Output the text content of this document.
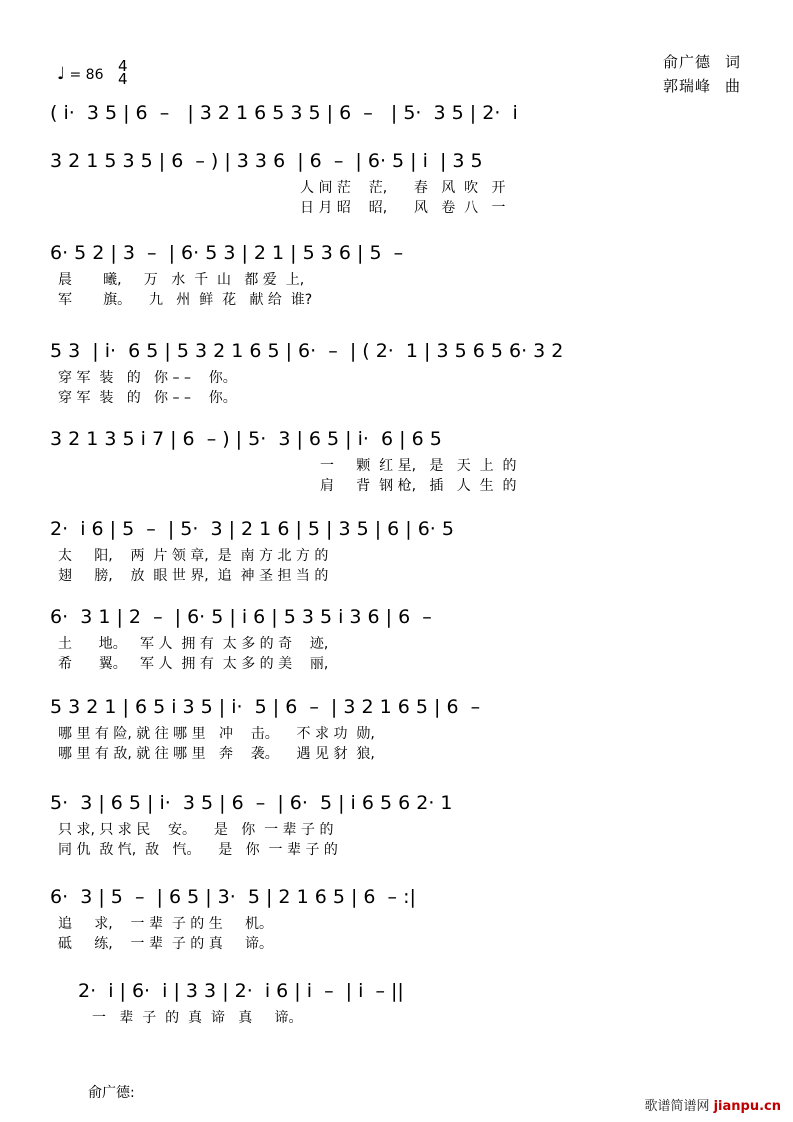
俞广德 词
郭瑞峰 曲
♩ = 86 4
4
( i·  3 5 | 6  –   | 3 2 1 6 5 3 5 | 6  –   | 5·  3 5 | 2·  i
3 2 1 5 3 5 | 6  – ) | 3 3 6  | 6  –  | 6· 5 | i  | 3 5
人 间 茫    茫,      春   风  吹   开
日 月 昭    昭,      风   卷  八   一
6· 5 2 | 3  –  | 6· 5 3 | 2 1 | 5 3 6 | 5  –
晨       曦,     万   水  千  山   都 爱  上,
军       旗。    九   州  鲜  花   献 给  谁?
5 3  | i·  6 5 | 5 3 2 1 6 5 | 6·  –  | ( 2·  1 | 3 5 6 5 6· 3 2
穿 军  装   的   你 – –    你。
穿 军  装   的   你 – –    你。
3 2 1 3 5 i 7 | 6  – ) | 5·  3 | 6 5 | i·  6 | 6 5
一     颗  红 星,   是   天  上  的
肩     背  钢 枪,   插   人  生  的
2·  i 6 | 5  –  | 5·  3 | 2 1 6 | 5 | 3 5 | 6 | 6· 5
太     阳,    两  片 领 章,  是  南 方 北 方 的
翅     膀,    放  眼 世 界,  追  神 圣 担 当 的
6·  3 1 | 2  –  | 6· 5 | i 6 | 5 3 5 i 3 6 | 6  –
土      地。   军 人  拥 有  太 多 的 奇    迹,
希      翼。   军 人  拥 有  太 多 的 美    丽,
5 3 2 1 | 6 5 i 3 5 | i·  5 | 6  –  | 3 2 1 6 5 | 6  –
哪 里 有 险, 就 往 哪 里   冲    击。    不 求 功  勋,
哪 里 有 敌, 就 往 哪 里   奔    袭。    遇 见 豺  狼,
5·  3 | 6 5 | i·  3 5 | 6  –  | 6·  5 | i 6 5 6 2· 1
只 求, 只 求 民    安。    是   你  一 辈 子 的
同 仇  敌 忾,  敌   忾。    是   你  一 辈 子 的
6·  3 | 5  –  | 6 5 | 3·  5 | 2 1 6 5 | 6  – :|
追     求,    一 辈  子 的 生     机。
砥     练,    一 辈  子 的 真     谛。
2·  i | 6·  i | 3 3 | 2·  i 6 | i  –  | i  – ||
一   辈  子  的  真  谛   真     谛。
俞广德:
歌谱简谱网 jianpu.cn
